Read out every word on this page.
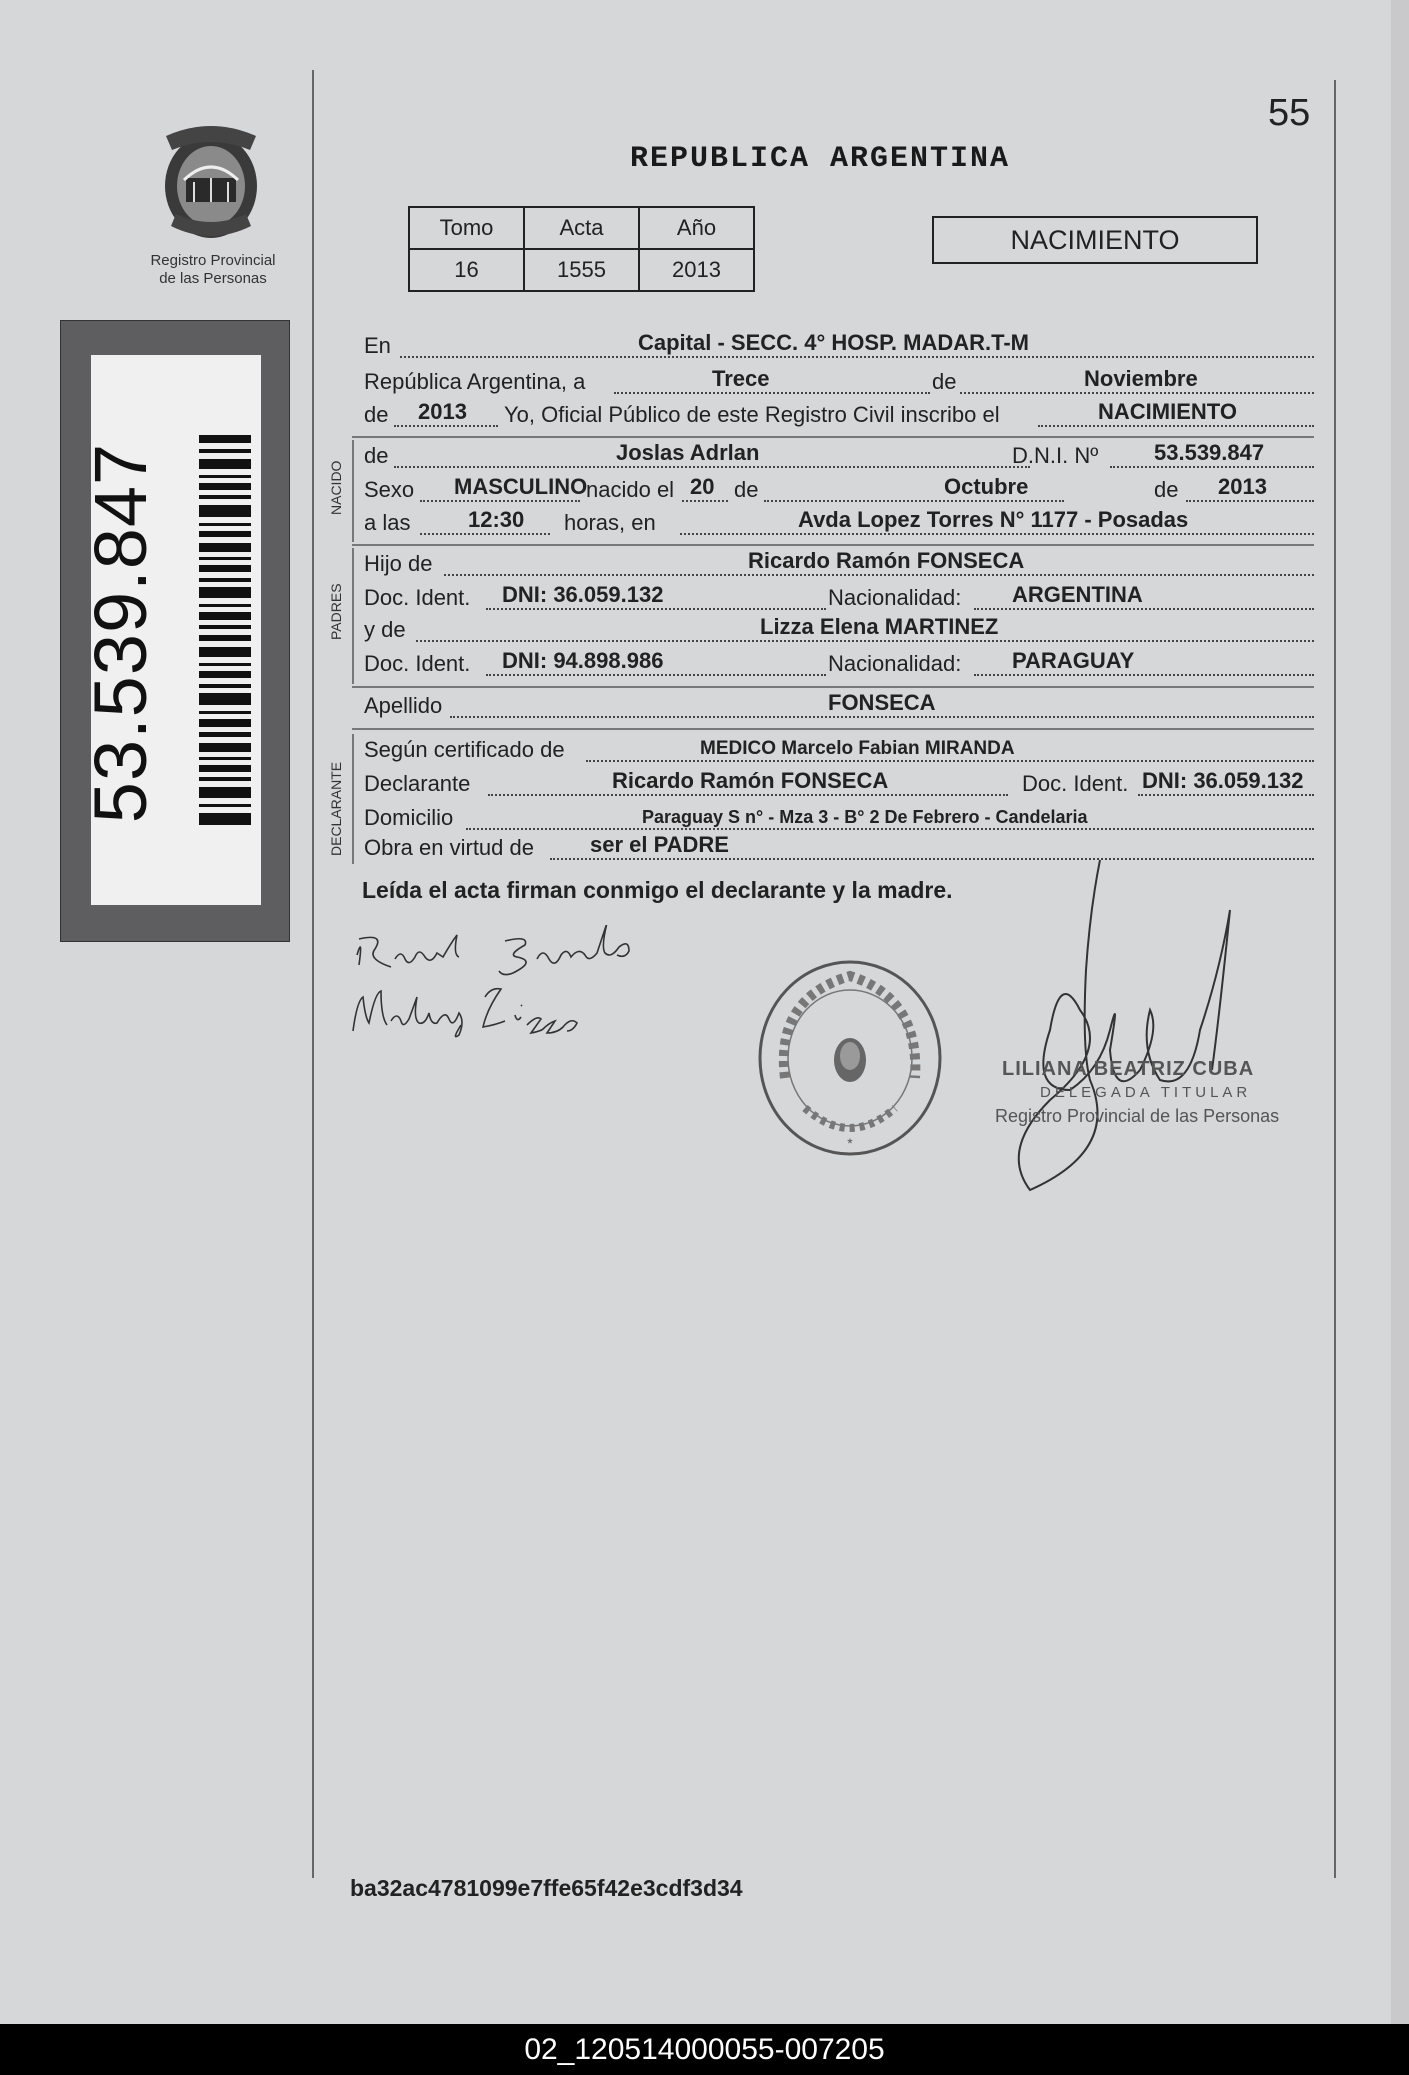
Registro Provincial
de las Personas
53.539.847
55
REPUBLICA ARGENTINA
Tomo	Acta	Año
16	1555	2013
NACIMIENTO
En	Capital - SECC. 4° HOSP. MADAR.T-M
República Argentina, a	Trece	de	Noviembre
de 2013 Yo, Oficial Público de este Registro Civil inscribo el	NACIMIENTO
NACIDO
de	Joslas Adrlan	D.N.I. Nº	53.539.847
Sexo MASCULINO
nacido el 20 de	Octubre	de 2013
a las	12:30 horas, en	Avda Lopez Torres N° 1177 - Posadas
PADRES
Hijo de	Ricardo Ramón FONSECA
Doc. Ident. DNI: 36.059.132	Nacionalidad: ARGENTINA
y de	Lizza Elena MARTINEZ
Doc. Ident. DNI: 94.898.986	Nacionalidad: PARAGUAY
Apellido	FONSECA
DECLARANTE
Según certificado de	MEDICO Marcelo Fabian MIRANDA
Declarante	Ricardo Ramón FONSECA	Doc. Ident. DNI: 36.059.132
Domicilio	Paraguay S n° - Mza 3 - B° 2 De Febrero - Candelaria
Obra en virtud de	ser el PADRE
Leída el acta firman conmigo el declarante y la madre.
*
LILIANA BEATRIZ CUBA
DELEGADA TITULAR
Registro Provincial de las Personas
ba32ac4781099e7ffe65f42e3cdf3d34
02_120514000055-007205
